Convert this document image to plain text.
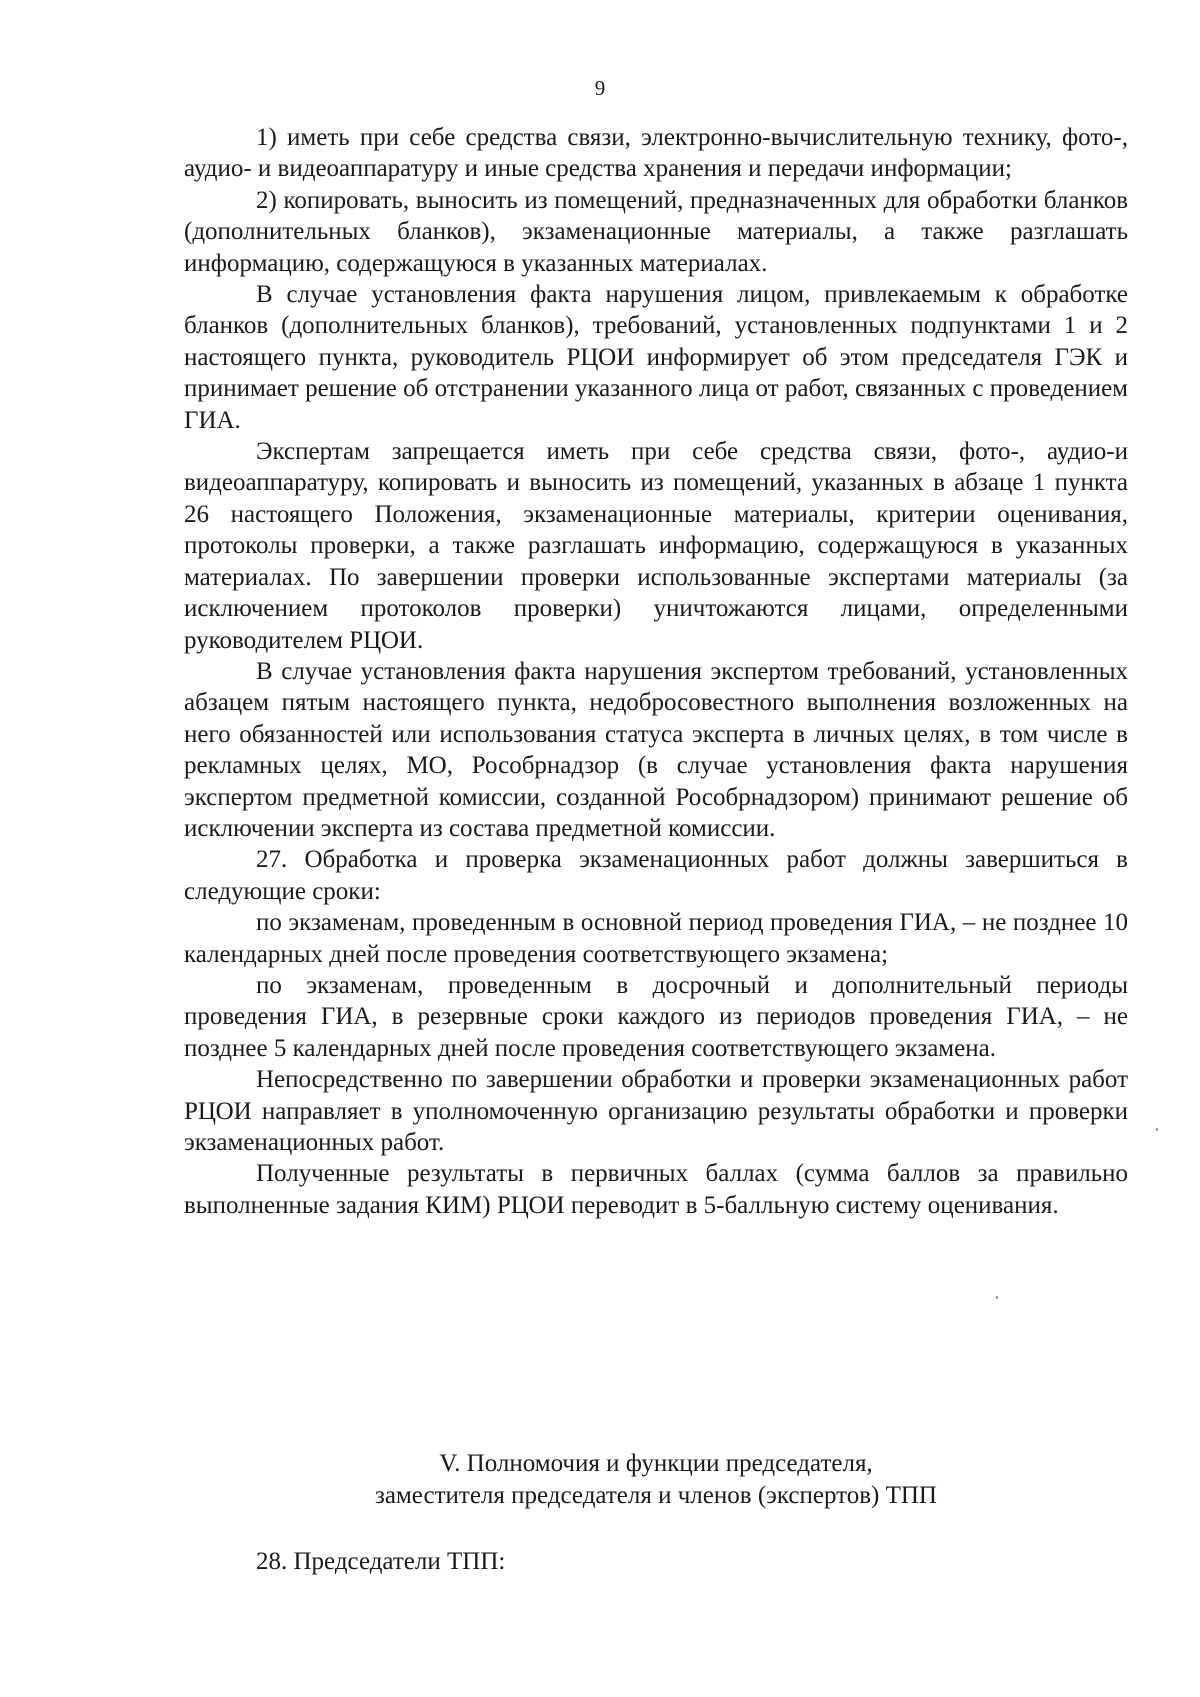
9

1) иметь при себе средства связи, электронно-вычислительную технику, фото-, аудио- и видеоаппаратуру и иные средства хранения и передачи информации;

2) копировать, выносить из помещений, предназначенных для обработки бланков (дополнительных бланков), экзаменационные материалы, а также разглашать информацию, содержащуюся в указанных материалах.

В случае установления факта нарушения лицом, привлекаемым к обработке бланков (дополнительных бланков), требований, установленных подпунктами 1 и 2 настоящего пункта, руководитель РЦОИ информирует об этом председателя ГЭК и принимает решение об отстранении указанного лица от работ, связанных с проведением ГИА.

Экспертам запрещается иметь при себе средства связи, фото-, аудио-и видеоаппаратуру, копировать и выносить из помещений, указанных в абзаце 1 пункта 26 настоящего Положения, экзаменационные материалы, критерии оценивания, протоколы проверки, а также разглашать информацию, содержащуюся в указанных материалах. По завершении проверки использованные экспертами материалы (за исключением протоколов проверки) уничтожаются лицами, определенными руководителем РЦОИ.

В случае установления факта нарушения экспертом требований, установленных абзацем пятым настоящего пункта, недобросовестного выполнения возложенных на него обязанностей или использования статуса эксперта в личных целях, в том числе в рекламных целях, МО, Рособрнадзор (в случае установления факта нарушения экспертом предметной комиссии, созданной Рособрнадзором) принимают решение об исключении эксперта из состава предметной комиссии.

27. Обработка и проверка экзаменационных работ должны завершиться в следующие сроки:

по экзаменам, проведенным в основной период проведения ГИА, – не позднее 10 календарных дней после проведения соответствующего экзамена;

по экзаменам, проведенным в досрочный и дополнительный периоды проведения ГИА, в резервные сроки каждого из периодов проведения ГИА, – не позднее 5 календарных дней после проведения соответствующего экзамена.

Непосредственно по завершении обработки и проверки экзаменационных работ РЦОИ направляет в уполномоченную организацию результаты обработки и проверки экзаменационных работ.

Полученные результаты в первичных баллах (сумма баллов за правильно выполненные задания КИМ) РЦОИ переводит в 5-балльную систему оценивания.

V. Полномочия и функции председателя,
заместителя председателя и членов (экспертов) ТПП
28. Председатели ТПП:
